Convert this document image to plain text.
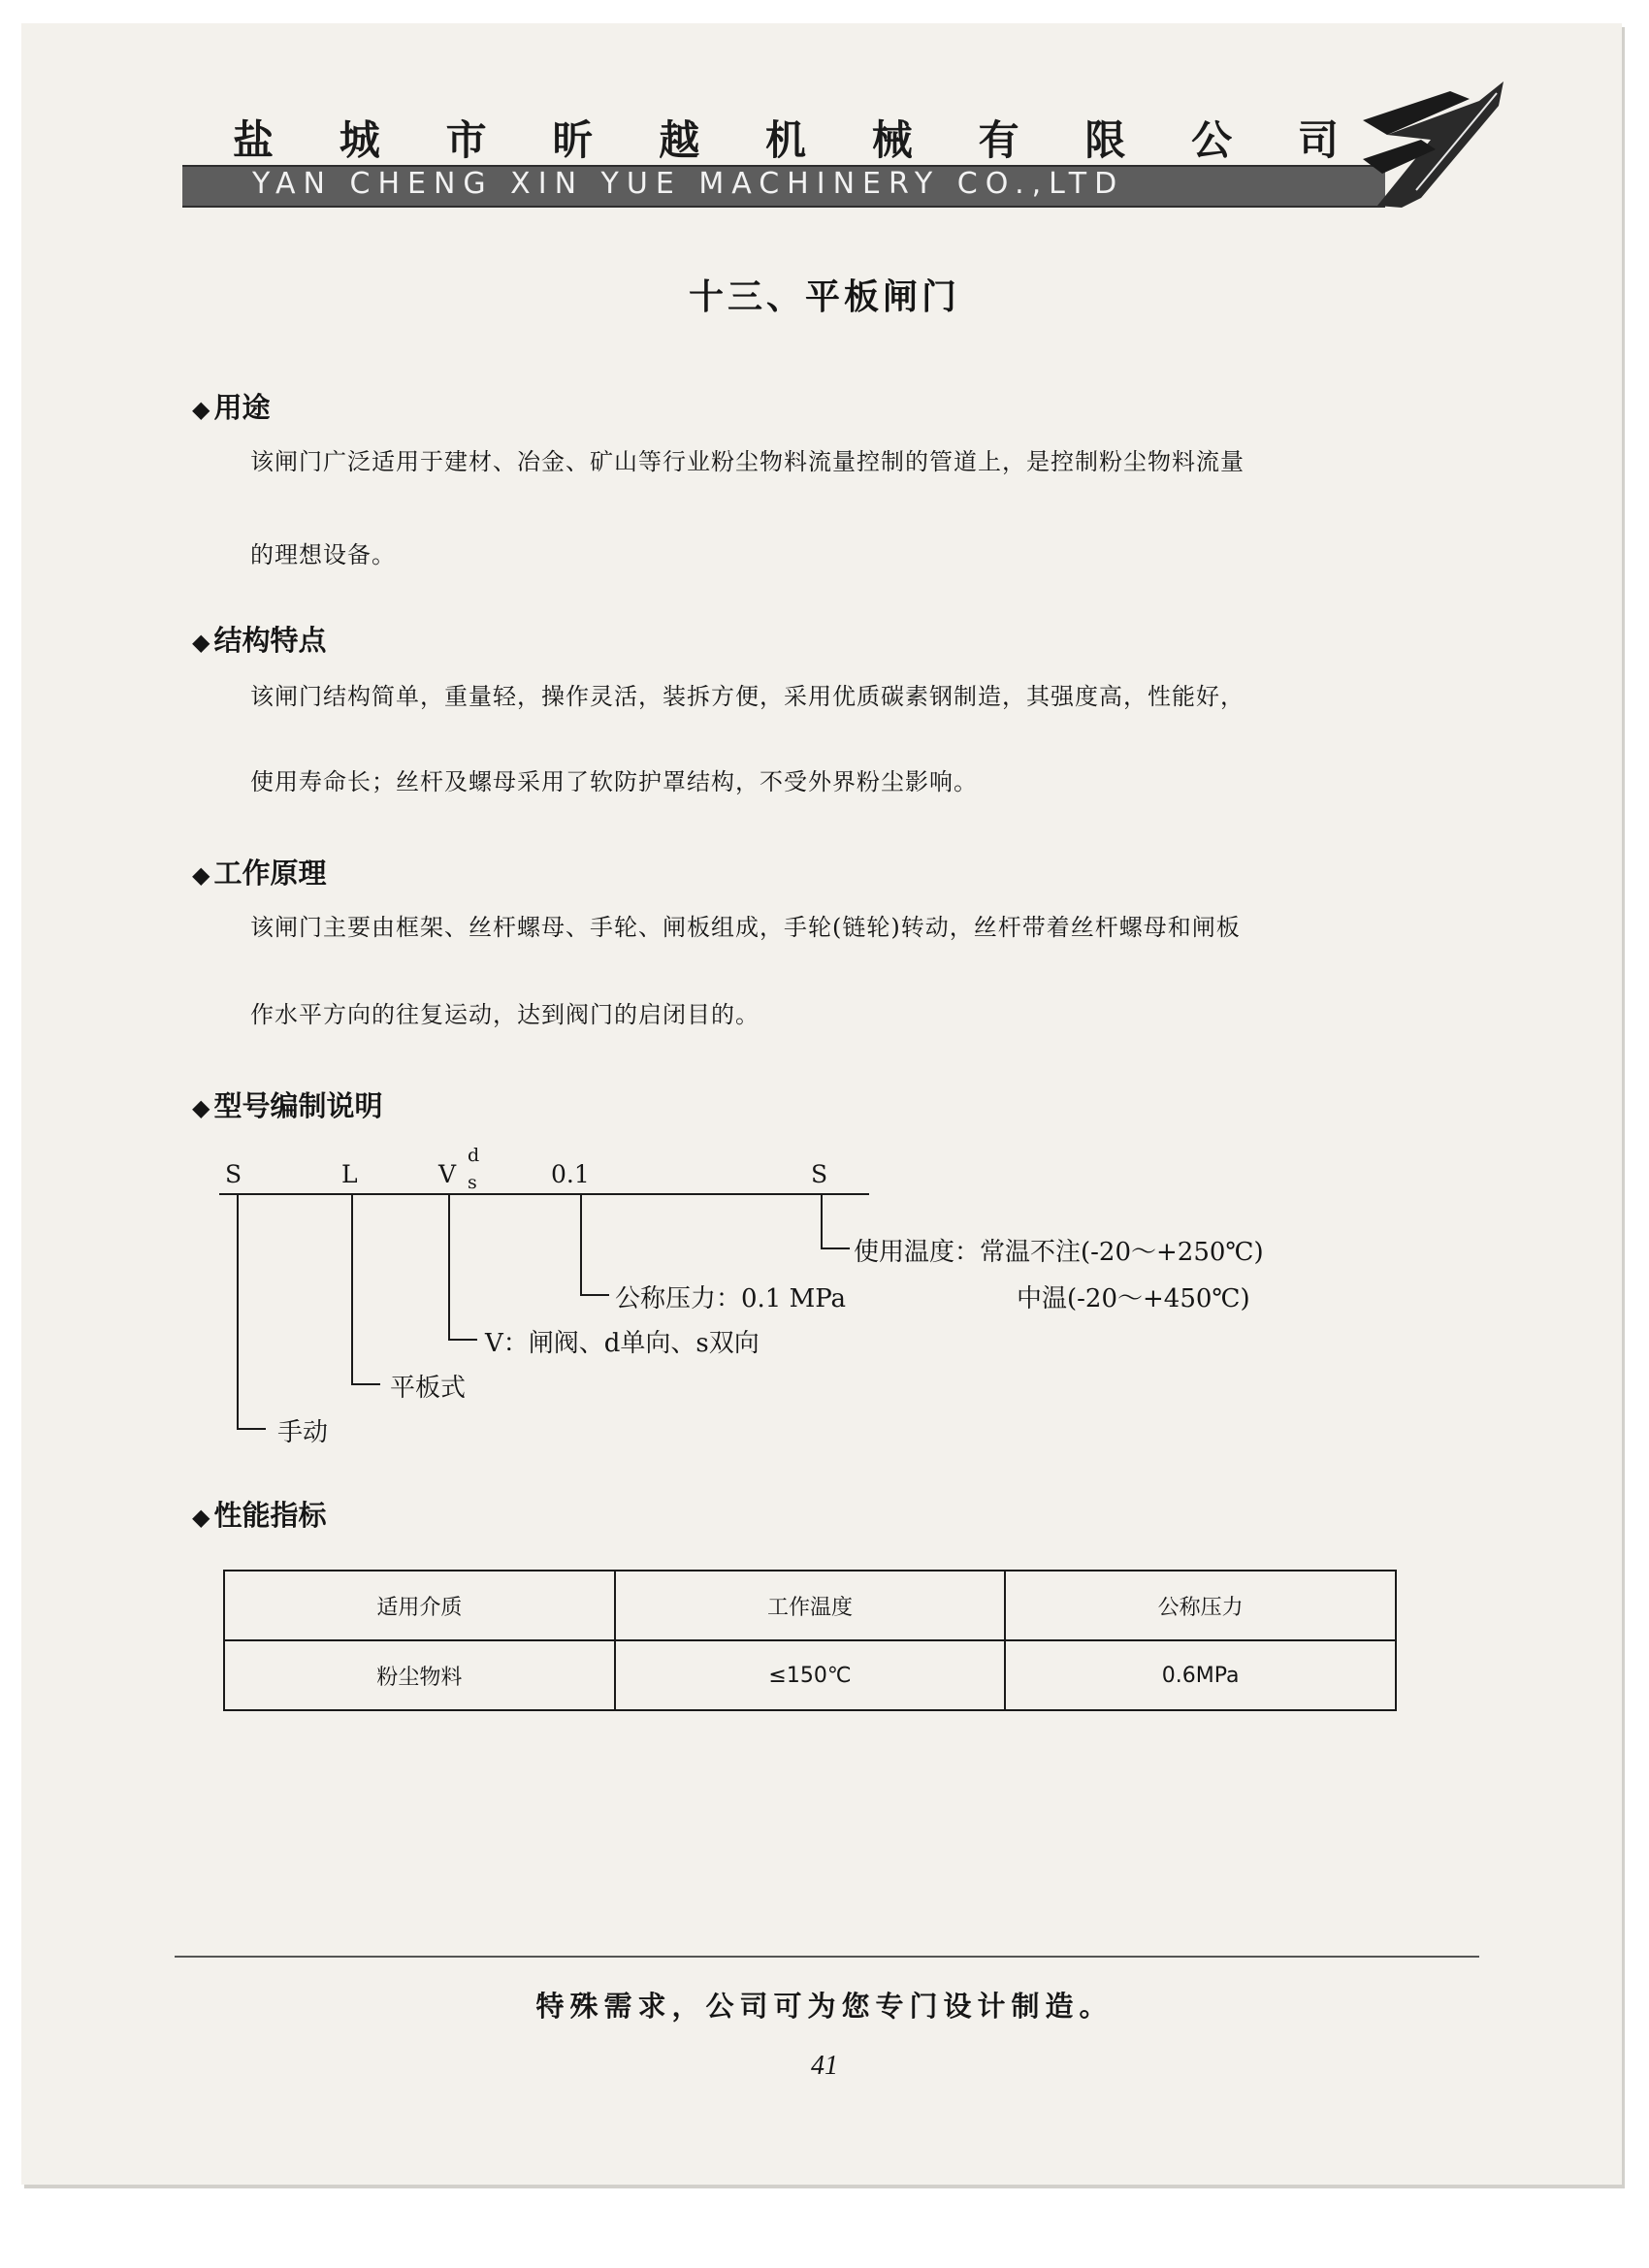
盐 城 市 昕 越 机 械 有 限 公 司
YAN CHENG XIN YUE MACHINERY CO.,LTD
十三、平板闸门
◆ 用途
该闸门广泛适用于建材、冶金、矿山等行业粉尘物料流量控制的管道上，是控制粉尘物料流量
的理想设备。
◆ 结构特点
该闸门结构简单，重量轻，操作灵活，装拆方便，采用优质碳素钢制造，其强度高，性能好，
使用寿命长；丝杆及螺母采用了软防护罩结构，不受外界粉尘影响。
◆ 工作原理
该闸门主要由框架、丝杆螺母、手轮、闸板组成，手轮(链轮)转动，丝杆带着丝杆螺母和闸板
作水平方向的往复运动，达到阀门的启闭目的。
◆ 型号编制说明
S	L	V
d
s	0.1	S
使用温度：常温不注(-20～+250℃)
中温(-20～+450℃)
公称压力：0.1 MPa
V：闸阀、d单向、s双向
平板式
手动
◆ 性能指标
适用介质	工作温度	公称压力
粉尘物料	≤150℃	0.6MPa
特殊需求，公司可为您专门设计制造。
41
